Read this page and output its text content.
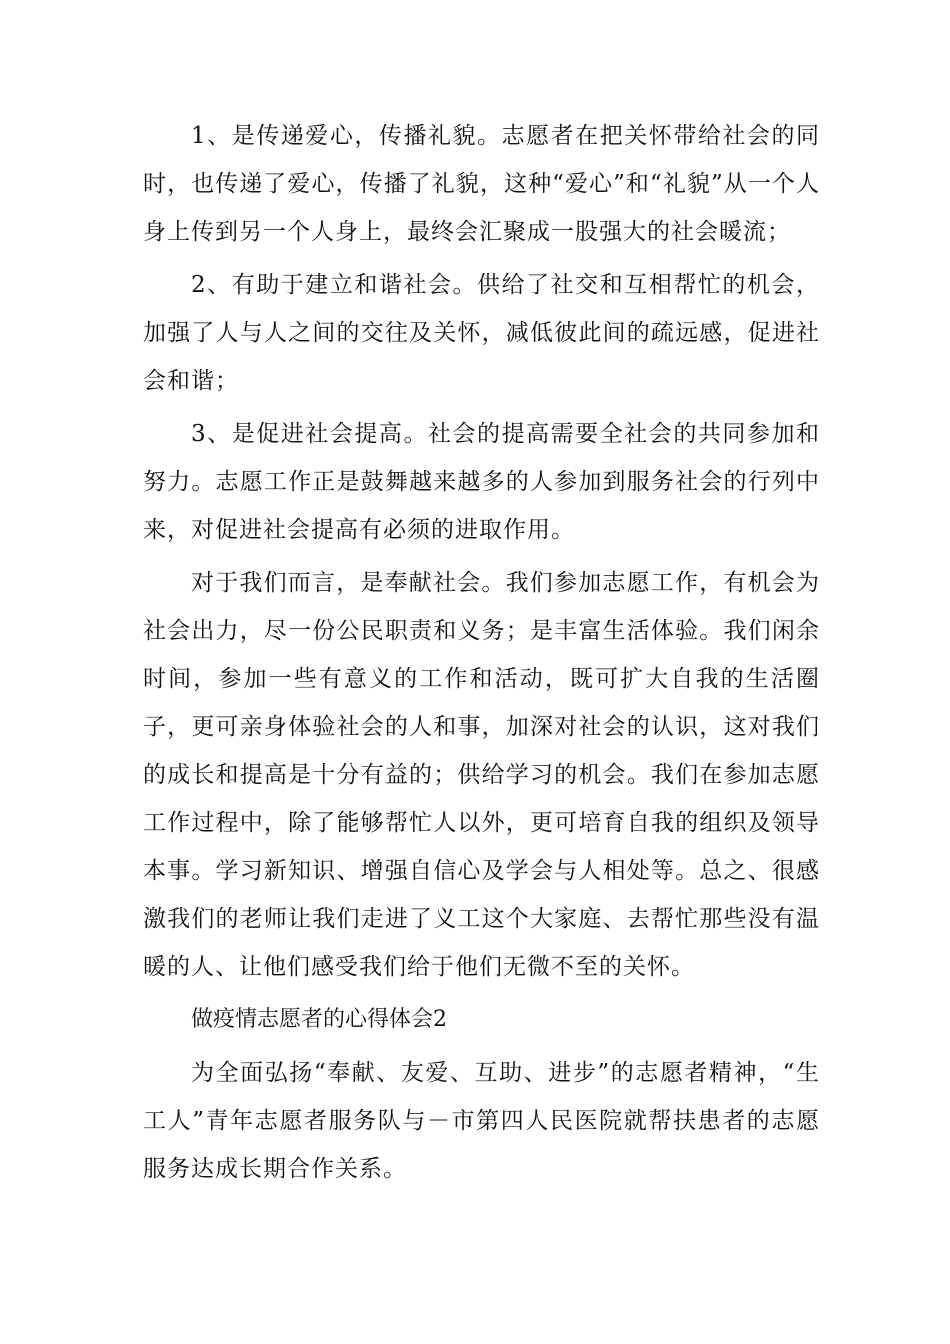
1、是传递爱心，传播礼貌。志愿者在把关怀带给社会的同时，也传递了爱心，传播了礼貌，这种“爱心”和“礼貌”从一个人身上传到另一个人身上，最终会汇聚成一股强大的社会暖流；

2、有助于建立和谐社会。供给了社交和互相帮忙的机会，加强了人与人之间的交往及关怀，减低彼此间的疏远感，促进社会和谐；

3、是促进社会提高。社会的提高需要全社会的共同参加和努力。志愿工作正是鼓舞越来越多的人参加到服务社会的行列中来，对促进社会提高有必须的进取作用。

对于我们而言，是奉献社会。我们参加志愿工作，有机会为社会出力，尽一份公民职责和义务；是丰富生活体验。我们闲余时间，参加一些有意义的工作和活动，既可扩大自我的生活圈子，更可亲身体验社会的人和事，加深对社会的认识，这对我们的成长和提高是十分有益的；供给学习的机会。我们在参加志愿工作过程中，除了能够帮忙人以外，更可培育自我的组织及领导本事。学习新知识、增强自信心及学会与人相处等。总之、很感激我们的老师让我们走进了义工这个大家庭、去帮忙那些没有温暖的人、让他们感受我们给于他们无微不至的关怀。

做疫情志愿者的心得体会2

为全面弘扬“奉献、友爱、互助、进步”的志愿者精神，“生工人”青年志愿者服务队与－市第四人民医院就帮扶患者的志愿服务达成长期合作关系。
